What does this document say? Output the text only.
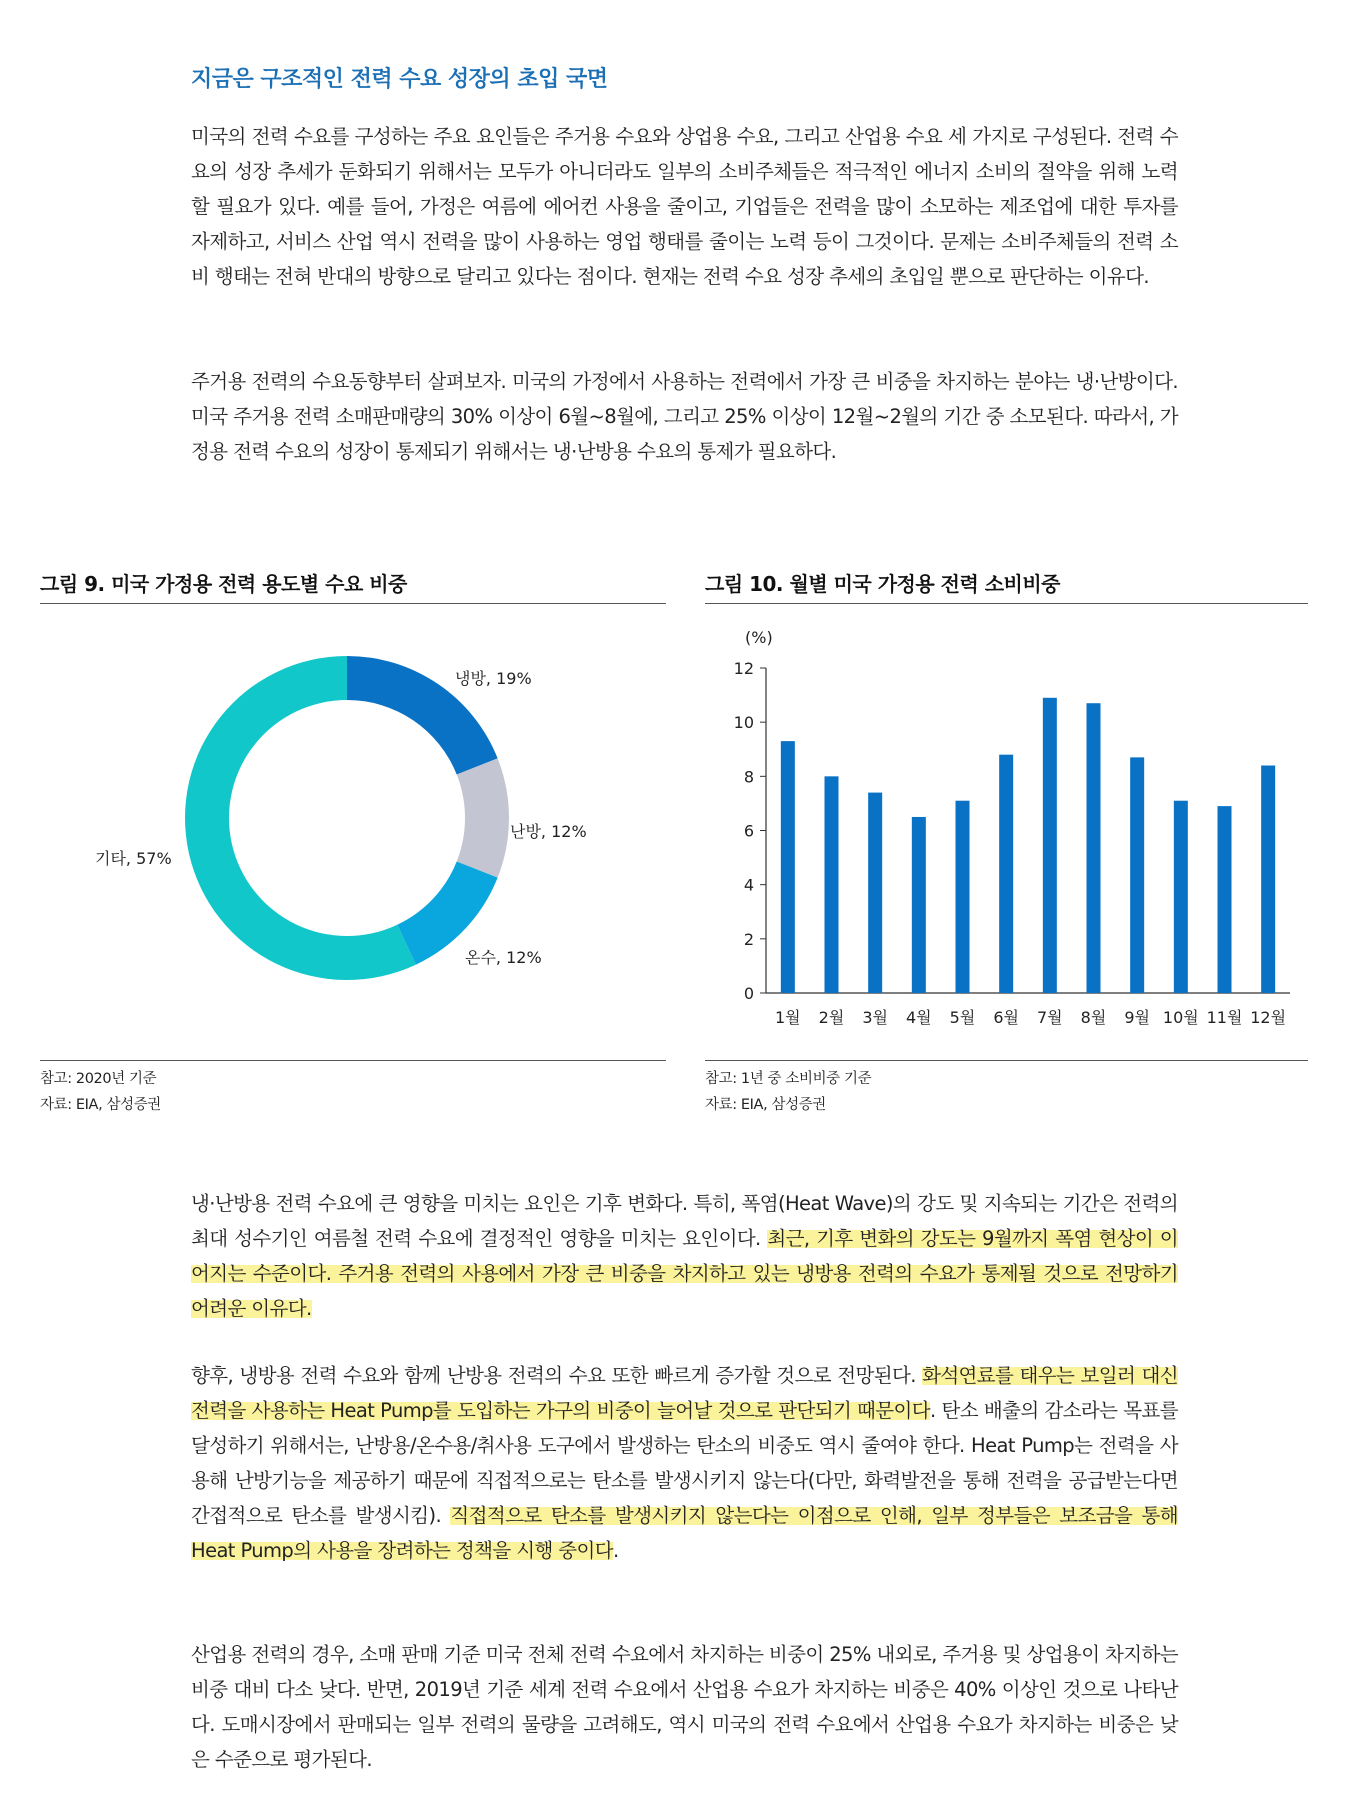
지금은 구조적인 전력 수요 성장의 초입 국면

미국의 전력 수요를 구성하는 주요 요인들은 주거용 수요와 상업용 수요, 그리고 산업용 수요 세 가지로 구성된다. 전력 수요의 성장 추세가 둔화되기 위해서는 모두가 아니더라도 일부의 소비주체들은 적극적인 에너지 소비의 절약을 위해 노력할 필요가 있다. 예를 들어, 가정은 여름에 에어컨 사용을 줄이고, 기업들은 전력을 많이 소모하는 제조업에 대한 투자를 자제하고, 서비스 산업 역시 전력을 많이 사용하는 영업 행태를 줄이는 노력 등이 그것이다. 문제는 소비주체들의 전력 소비 행태는 전혀 반대의 방향으로 달리고 있다는 점이다. 현재는 전력 수요 성장 추세의 초입일 뿐으로 판단하는 이유다.

주거용 전력의 수요동향부터 살펴보자. 미국의 가정에서 사용하는 전력에서 가장 큰 비중을 차지하는 분야는 냉·난방이다. 미국 주거용 전력 소매판매량의 30% 이상이 6월~8월에, 그리고 25% 이상이 12월~2월의 기간 중 소모된다. 따라서, 가정용 전력 수요의 성장이 통제되기 위해서는 냉·난방용 수요의 통제가 필요하다.

그림 9. 미국 가정용 전력 용도별 수요 비중
냉방, 19%
난방, 12%
온수, 12%
기타, 57%
참고: 2020년 기준
자료: EIA, 삼성증권
그림 10. 월별 미국 가정용 전력 소비비중
(%)
0
2
4
6
8
10
12
1월 2월 3월 4월 5월 6월 7월 8월 9월 10월 11월 12월
참고: 1년 중 소비비중 기준
자료: EIA, 삼성증권

냉·난방용 전력 수요에 큰 영향을 미치는 요인은 기후 변화다. 특히, 폭염(Heat Wave)의 강도 및 지속되는 기간은 전력의 최대 성수기인 여름철 전력 수요에 결정적인 영향을 미치는 요인이다. 최근, 기후 변화의 강도는 9월까지 폭염 현상이 이어지는 수준이다. 주거용 전력의 사용에서 가장 큰 비중을 차지하고 있는 냉방용 전력의 수요가 통제될 것으로 전망하기 어려운 이유다.

향후, 냉방용 전력 수요와 함께 난방용 전력의 수요 또한 빠르게 증가할 것으로 전망된다. 화석연료를 태우는 보일러 대신 전력을 사용하는 Heat Pump를 도입하는 가구의 비중이 늘어날 것으로 판단되기 때문이다. 탄소 배출의 감소라는 목표를 달성하기 위해서는, 난방용/온수용/취사용 도구에서 발생하는 탄소의 비중도 역시 줄여야 한다. Heat Pump는 전력을 사용해 난방기능을 제공하기 때문에 직접적으로는 탄소를 발생시키지 않는다(다만, 화력발전을 통해 전력을 공급받는다면 간접적으로 탄소를 발생시킴). 직접적으로 탄소를 발생시키지 않는다는 이점으로 인해, 일부 정부들은 보조금을 통해 Heat Pump의 사용을 장려하는 정책을 시행 중이다.

산업용 전력의 경우, 소매 판매 기준 미국 전체 전력 수요에서 차지하는 비중이 25% 내외로, 주거용 및 상업용이 차지하는 비중 대비 다소 낮다. 반면, 2019년 기준 세계 전력 수요에서 산업용 수요가 차지하는 비중은 40% 이상인 것으로 나타난다. 도매시장에서 판매되는 일부 전력의 물량을 고려해도, 역시 미국의 전력 수요에서 산업용 수요가 차지하는 비중은 낮은 수준으로 평가된다.
